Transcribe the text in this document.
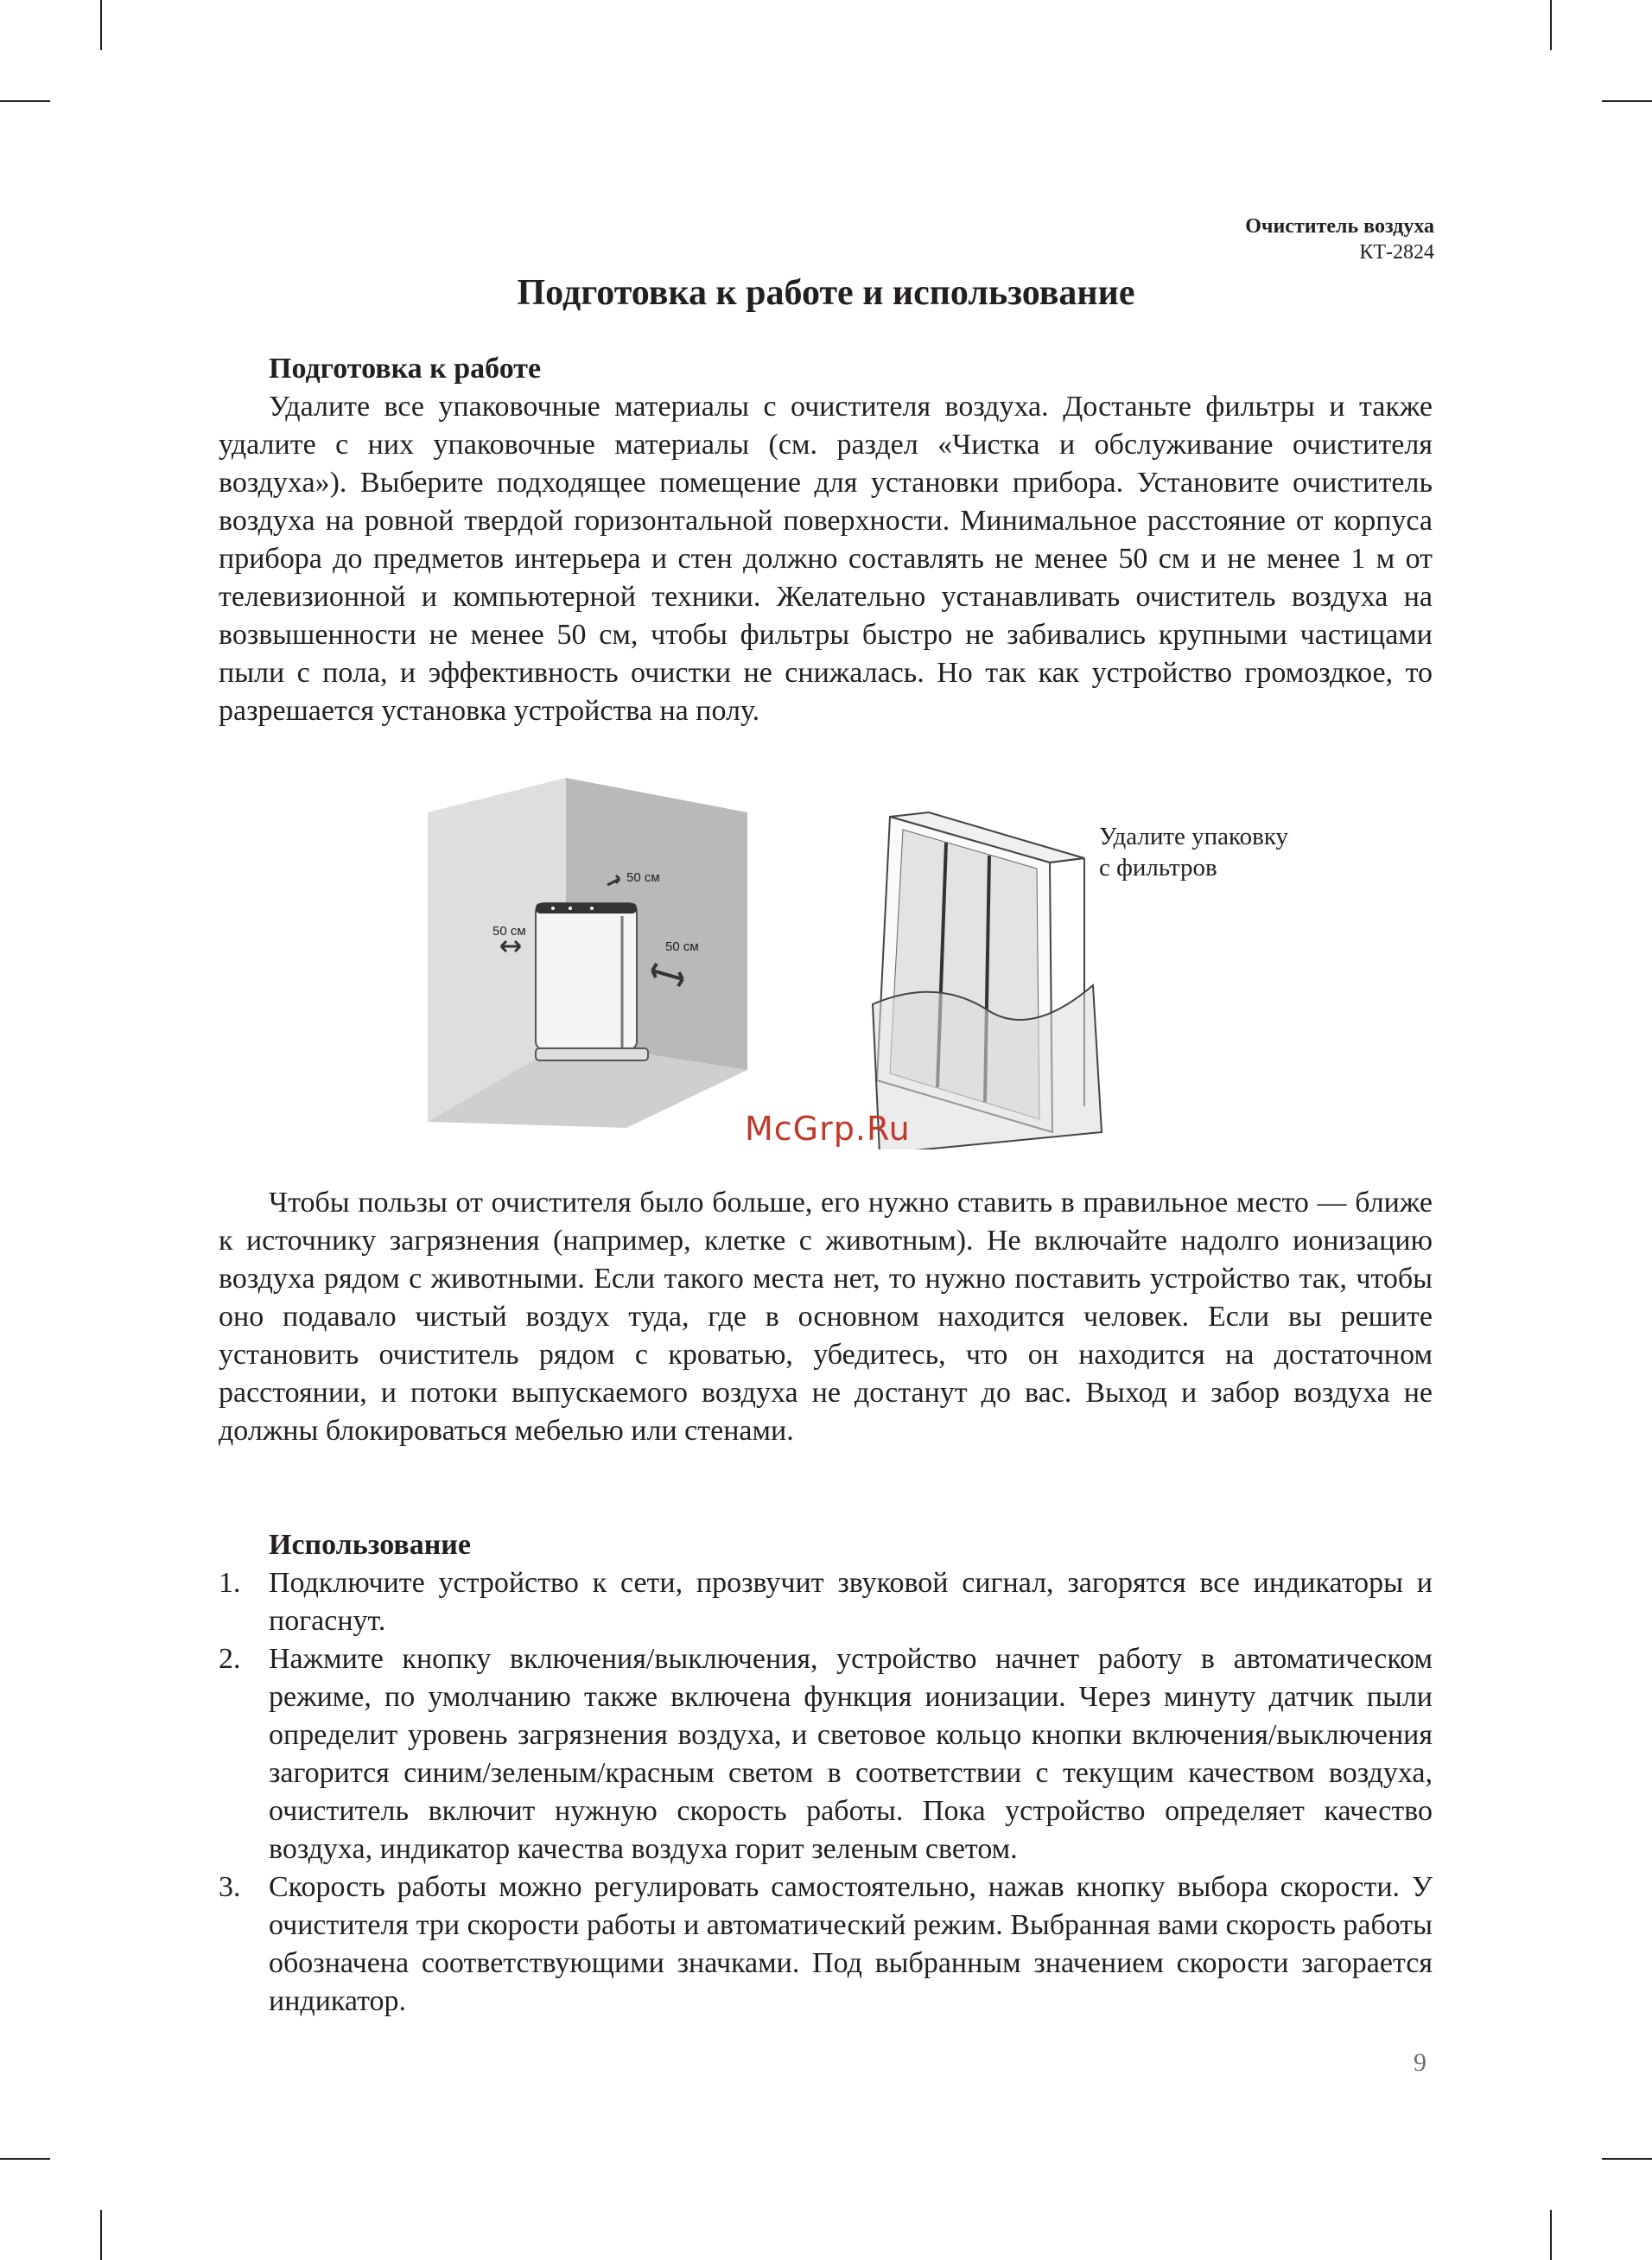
Очиститель воздуха
КТ-2824
Подготовка к работе и использование
Подготовка к работе

Удалите все упаковочные материалы с очистителя воздуха. Достаньте фильтры и также удалите с них упаковочные материалы (см. раздел «Чистка и обслуживание очистителя воздуха»). Выберите подходящее помещение для установки прибора. Установите очиститель воздуха на ровной твердой горизонтальной поверхности. Минимальное расстояние от корпуса прибора до предметов интерьера и стен должно составлять не менее 50 см и не менее 1 м от телевизионной и компьютерной техники. Желательно устанавливать очиститель воздуха на возвышенности не менее 50 см, чтобы фильтры быстро не забивались крупными частицами пыли с пола, и эффективность очистки не снижалась. Но так как устройство громоздкое, то разрешается установка устройства на полу.

50 см
50 см
50 см
Удалите упаковку
с фильтров
McGrp.Ru

Чтобы пользы от очистителя было больше, его нужно ставить в правильное место — ближе к источнику загрязнения (например, клетке с животным). Не включайте надолго ионизацию воздуха рядом с животными. Если такого места нет, то нужно поставить устройство так, чтобы оно подавало чистый воздух туда, где в основном находится человек. Если вы решите установить очиститель рядом с кроватью, убедитесь, что он находится на достаточном расстоянии, и потоки выпускаемого воздуха не достанут до вас. Выход и забор воздуха не должны блокироваться мебелью или стенами.

Использование
1. Подключите устройство к сети, прозвучит звуковой сигнал, загорятся все индикаторы и погаснут.
2. Нажмите кнопку включения/выключения, устройство начнет работу в автоматическом режиме, по умолчанию также включена функция ионизации. Через минуту датчик пыли определит уровень загрязнения воздуха, и световое кольцо кнопки включения/выключения загорится синим/зеленым/красным светом в соответствии с текущим качеством воздуха, очиститель включит нужную скорость работы. Пока устройство определяет качество воздуха, индикатор качества воздуха горит зеленым светом.
3. Скорость работы можно регулировать самостоятельно, нажав кнопку выбора скорости. У очистителя три скорости работы и автоматический режим. Выбранная вами скорость работы обозначена соответствующими значками. Под выбранным значением скорости загорается индикатор.
9
